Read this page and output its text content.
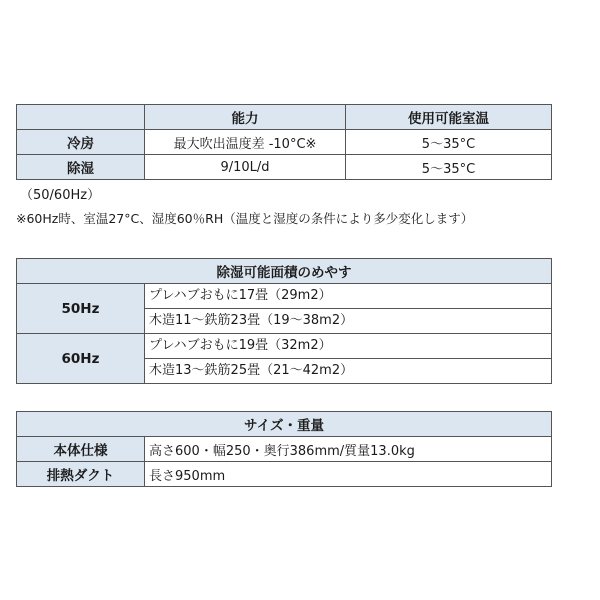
	能力	使用可能室温
冷房	最大吹出温度差 -10°C※	5～35°C
除湿	9/10L/d	5～35°C
（50/60Hz）
※60Hz時、室温27°C、湿度60％RH（温度と湿度の条件により多少変化します）
除湿可能面積のめやす	
50Hz	プレハブおもに17畳（29m2）
木造11～鉄筋23畳（19～38m2）

60Hz	プレハブおもに19畳（32m2）
木造13～鉄筋25畳（21～42m2）
サイズ・重量	
本体仕様	高さ600・幅250・奥行386mm/質量13.0kg
排熱ダクト	長さ950mm
